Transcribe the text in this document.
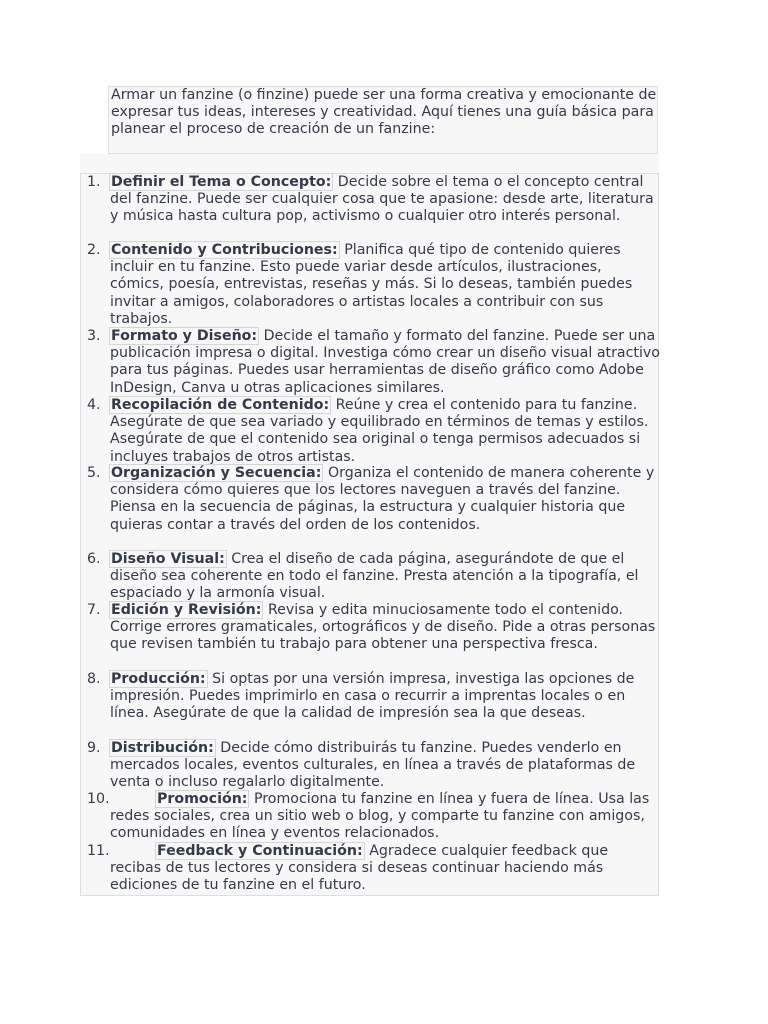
Armar un fanzine (o finzine) puede ser una forma creativa y emocionante de expresar tus ideas, intereses y creatividad. Aquí tienes una guía básica para planear el proceso de creación de un fanzine:
1. Definir el Tema o Concepto: Decide sobre el tema o el concepto central del fanzine. Puede ser cualquier cosa que te apasione: desde arte, literatura y música hasta cultura pop, activismo o cualquier otro interés personal.
2. Contenido y Contribuciones: Planifica qué tipo de contenido quieres incluir en tu fanzine. Esto puede variar desde artículos, ilustraciones, cómics, poesía, entrevistas, reseñas y más. Si lo deseas, también puedes invitar a amigos, colaboradores o artistas locales a contribuir con sus trabajos.
3. Formato y Diseño: Decide el tamaño y formato del fanzine. Puede ser una publicación impresa o digital. Investiga cómo crear un diseño visual atractivo para tus páginas. Puedes usar herramientas de diseño gráfico como Adobe InDesign, Canva u otras aplicaciones similares.
4. Recopilación de Contenido: Reúne y crea el contenido para tu fanzine. Asegúrate de que sea variado y equilibrado en términos de temas y estilos. Asegúrate de que el contenido sea original o tenga permisos adecuados si incluyes trabajos de otros artistas.
5. Organización y Secuencia: Organiza el contenido de manera coherente y considera cómo quieres que los lectores naveguen a través del fanzine. Piensa en la secuencia de páginas, la estructura y cualquier historia que quieras contar a través del orden de los contenidos.
6. Diseño Visual: Crea el diseño de cada página, asegurándote de que el diseño sea coherente en todo el fanzine. Presta atención a la tipografía, el espaciado y la armonía visual.
7. Edición y Revisión: Revisa y edita minuciosamente todo el contenido. Corrige errores gramaticales, ortográficos y de diseño. Pide a otras personas que revisen también tu trabajo para obtener una perspectiva fresca.
8. Producción: Si optas por una versión impresa, investiga las opciones de impresión. Puedes imprimirlo en casa o recurrir a imprentas locales o en línea. Asegúrate de que la calidad de impresión sea la que deseas.
9. Distribución: Decide cómo distribuirás tu fanzine. Puedes venderlo en mercados locales, eventos culturales, en línea a través de plataformas de venta o incluso regalarlo digitalmente.
10.	Promoción: Promociona tu fanzine en línea y fuera de línea. Usa las redes sociales, crea un sitio web o blog, y comparte tu fanzine con amigos, comunidades en línea y eventos relacionados.
11.	Feedback y Continuación: Agradece cualquier feedback que recibas de tus lectores y considera si deseas continuar haciendo más ediciones de tu fanzine en el futuro.
